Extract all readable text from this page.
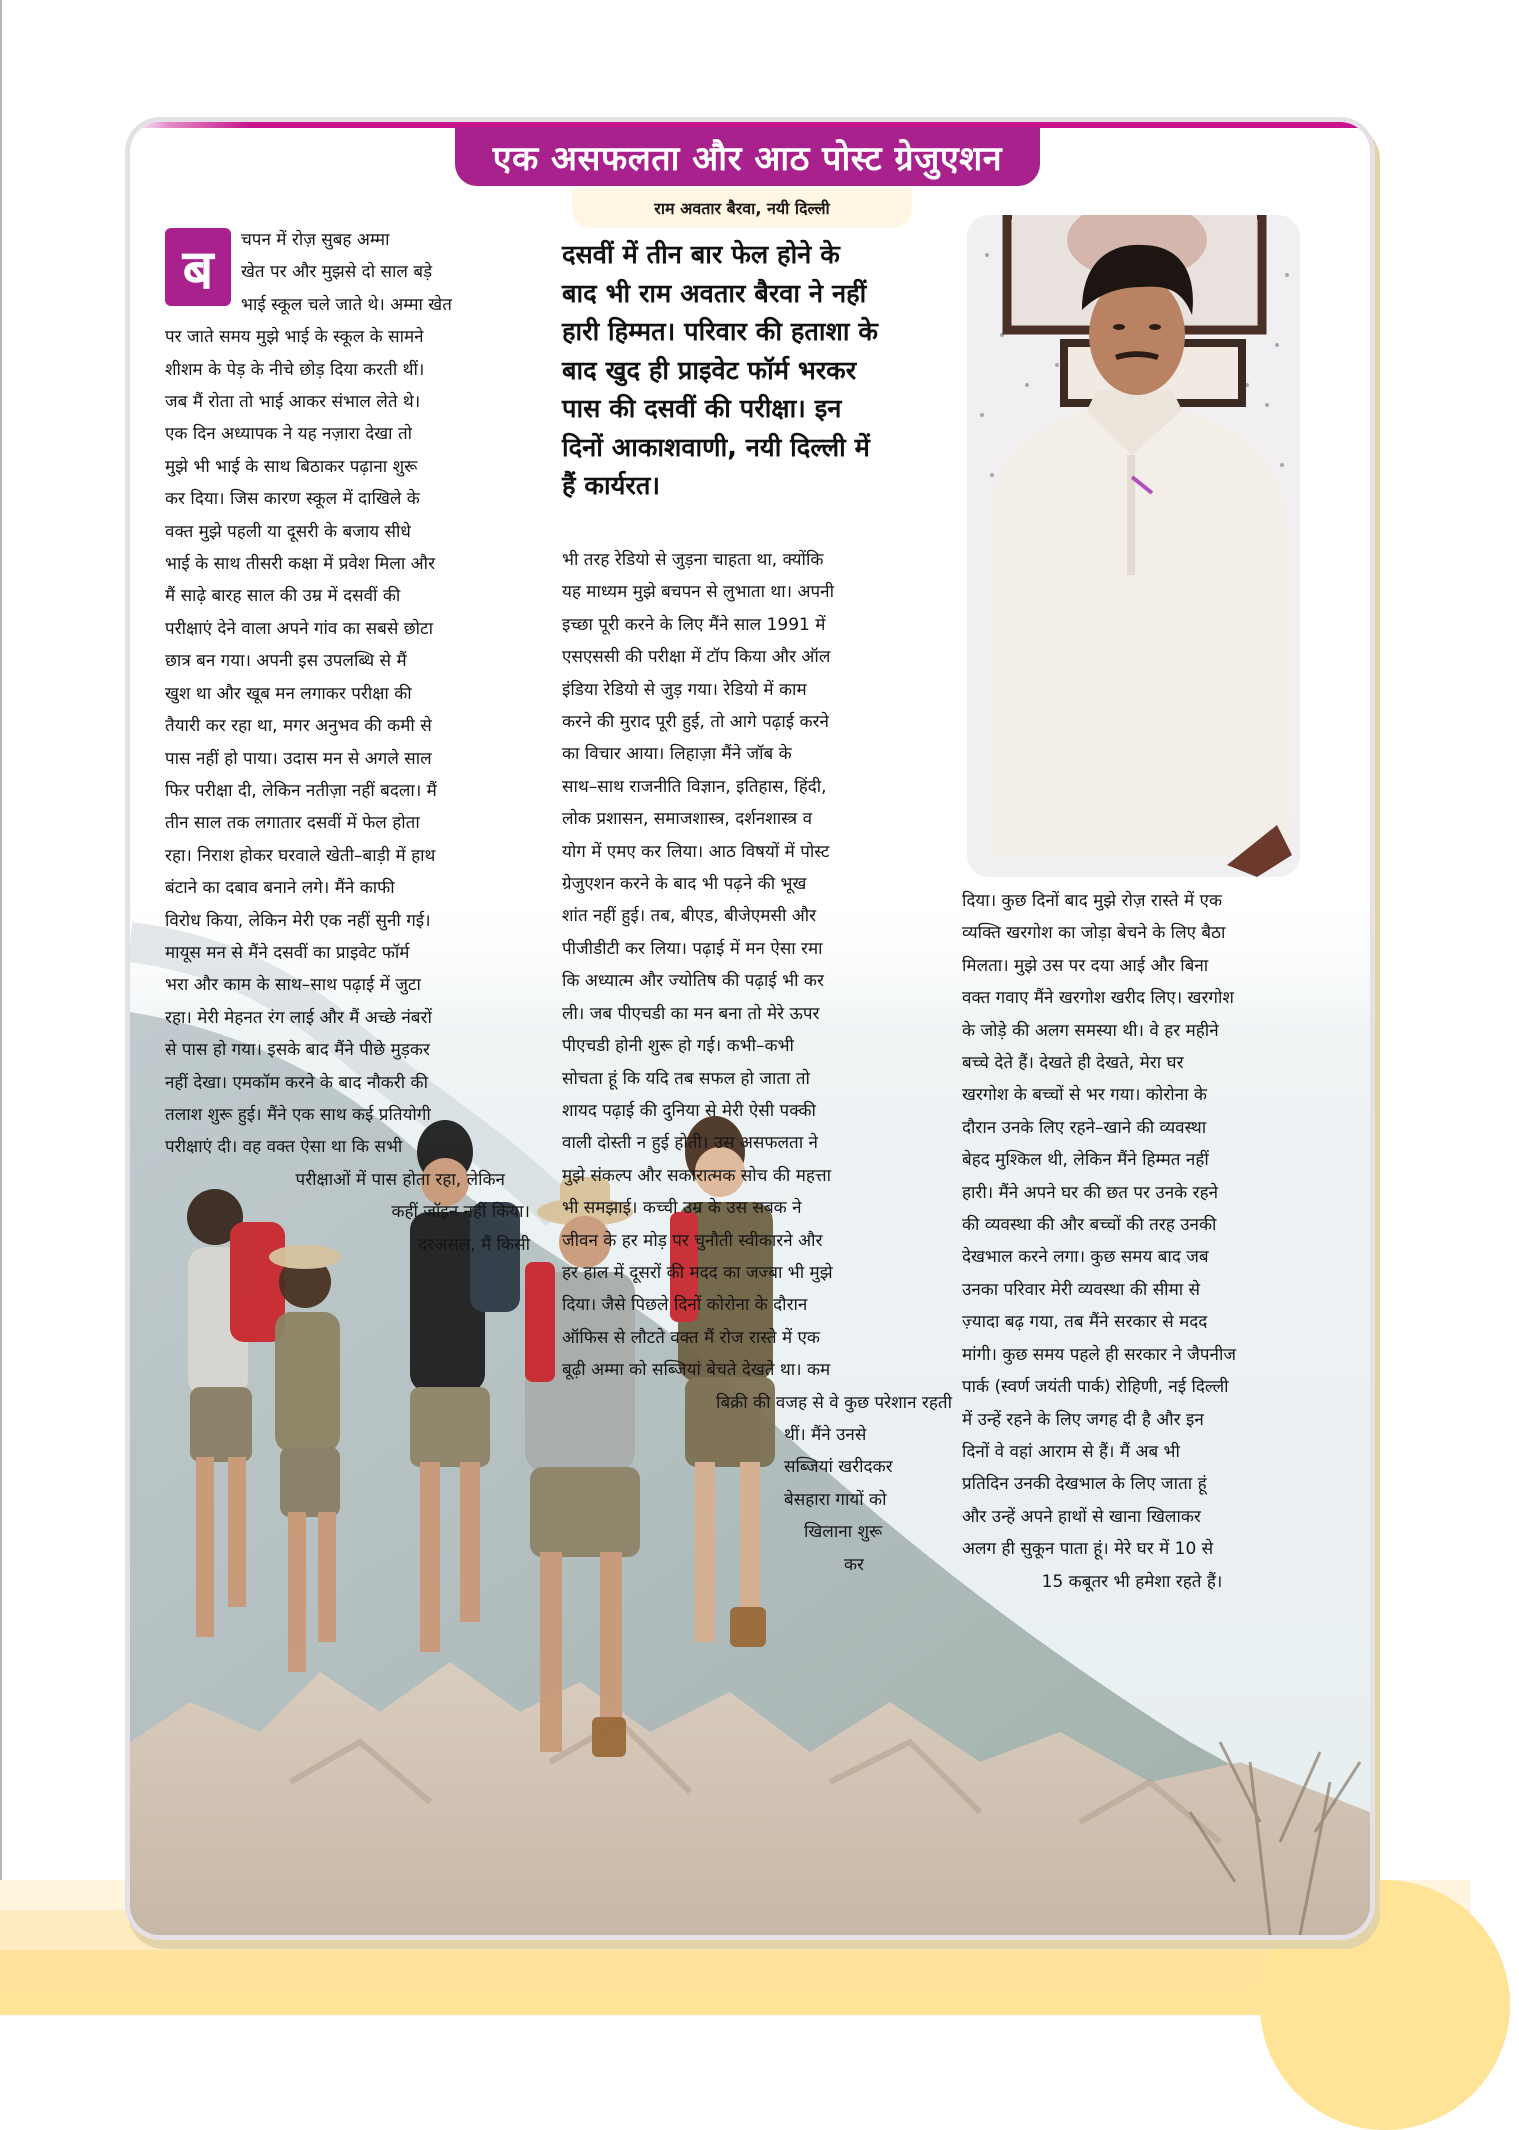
एक असफलता और आठ पोस्ट ग्रेजुएशन
राम अवतार बैरवा, नयी दिल्ली
ब	चपन में रोज़ सुबह अम्मा

खेत पर और मुझसे दो साल बड़े

भाई स्कूल चले जाते थे। अम्मा खेत

पर जाते समय मुझे भाई के स्कूल के सामने

शीशम के पेड़ के नीचे छोड़ दिया करती थीं।

जब मैं रोता तो भाई आकर संभाल लेते थे।

एक दिन अध्यापक ने यह नज़ारा देखा तो

मुझे भी भाई के साथ बिठाकर पढ़ाना शुरू

कर दिया। जिस कारण स्कूल में दाखिले के

वक्त मुझे पहली या दूसरी के बजाय सीधे

भाई के साथ तीसरी कक्षा में प्रवेश मिला और

मैं साढ़े बारह साल की उम्र में दसवीं की

परीक्षाएं देने वाला अपने गांव का सबसे छोटा

छात्र बन गया। अपनी इस उपलब्धि से मैं

खुश था और खूब मन लगाकर परीक्षा की

तैयारी कर रहा था, मगर अनुभव की कमी से

पास नहीं हो पाया। उदास मन से अगले साल

फिर परीक्षा दी, लेकिन नतीज़ा नहीं बदला। मैं

तीन साल तक लगातार दसवीं में फेल होता

रहा। निराश होकर घरवाले खेती–बाड़ी में हाथ

बंटाने का दबाव बनाने लगे। मैंने काफी

विरोध किया, लेकिन मेरी एक नहीं सुनी गई।

मायूस मन से मैंने दसवीं का प्राइवेट फॉर्म

भरा और काम के साथ–साथ पढ़ाई में जुटा

रहा। मेरी मेहनत रंग लाई और मैं अच्छे नंबरों

से पास हो गया। इसके बाद मैंने पीछे मुड़कर

नहीं देखा। एमकॉम करने के बाद नौकरी की

तलाश शुरू हुई। मैंने एक साथ कई प्रतियोगी

परीक्षाएं दी। वह वक्त ऐसा था कि सभी

परीक्षाओं में पास होता रहा, लेकिन

कहीं जॉइन नहीं किया।

दरअसल, मैं किसी

दसवीं में तीन बार फेल होने के

बाद भी राम अवतार बैरवा ने नहीं

हारी हिम्मत। परिवार की हताशा के

बाद खुद ही प्राइवेट फॉर्म भरकर

पास की दसवीं की परीक्षा। इन

दिनों आकाशवाणी, नयी दिल्ली में

हैं कार्यरत।

भी तरह रेडियो से जुड़ना चाहता था, क्योंकि

यह माध्यम मुझे बचपन से लुभाता था। अपनी

इच्छा पूरी करने के लिए मैंने साल 1991 में

एसएससी की परीक्षा में टॉप किया और ऑल

इंडिया रेडियो से जुड़ गया। रेडियो में काम

करने की मुराद पूरी हुई, तो आगे पढ़ाई करने

का विचार आया। लिहाज़ा मैंने जॉब के

साथ–साथ राजनीति विज्ञान, इतिहास, हिंदी,

लोक प्रशासन, समाजशास्त्र, दर्शनशास्त्र व

योग में एमए कर लिया। आठ विषयों में पोस्ट

ग्रेजुएशन करने के बाद भी पढ़ने की भूख

शांत नहीं हुई। तब, बीएड, बीजेएमसी और

पीजीडीटी कर लिया। पढ़ाई में मन ऐसा रमा

कि अध्यात्म और ज्योतिष की पढ़ाई भी कर

ली। जब पीएचडी का मन बना तो मेरे ऊपर

पीएचडी होनी शुरू हो गई। कभी–कभी

सोचता हूं कि यदि तब सफल हो जाता तो

शायद पढ़ाई की दुनिया से मेरी ऐसी पक्की

वाली दोस्ती न हुई होती। उस असफलता ने

मुझे संकल्प और सकारात्मक सोच की महत्ता

भी समझाई। कच्ची उम्र के उस सबक ने

जीवन के हर मोड़ पर चुनौती स्वीकारने और

हर हाल में दूसरों की मदद का जज्बा भी मुझे

दिया। जैसे पिछले दिनों कोरोना के दौरान

ऑफिस से लौटते वक्त मैं रोज रास्ते में एक

बूढ़ी अम्मा को सब्जियां बेचते देखते था। कम

बिक्री की वजह से वे कुछ परेशान रहती

थीं। मैंने उनसे

सब्जियां खरीदकर

बेसहारा गायों को

खिलाना शुरू

कर

दिया। कुछ दिनों बाद मुझे रोज़ रास्ते में एक

व्यक्ति खरगोश का जोड़ा बेचने के लिए बैठा

मिलता। मुझे उस पर दया आई और बिना

वक्त गवाए मैंने खरगोश खरीद लिए। खरगोश

के जोड़े की अलग समस्या थी। वे हर महीने

बच्चे देते हैं। देखते ही देखते, मेरा घर

खरगोश के बच्चों से भर गया। कोरोना के

दौरान उनके लिए रहने–खाने की व्यवस्था

बेहद मुश्किल थी, लेकिन मैंने हिम्मत नहीं

हारी। मैंने अपने घर की छत पर उनके रहने

की व्यवस्था की और बच्चों की तरह उनकी

देखभाल करने लगा। कुछ समय बाद जब

उनका परिवार मेरी व्यवस्था की सीमा से

ज़्यादा बढ़ गया, तब मैंने सरकार से मदद

मांगी। कुछ समय पहले ही सरकार ने जैपनीज

पार्क (स्वर्ण जयंती पार्क) रोहिणी, नई दिल्ली

में उन्हें रहने के लिए जगह दी है और इन

दिनों वे वहां आराम से हैं। मैं अब भी

प्रतिदिन उनकी देखभाल के लिए जाता हूं

और उन्हें अपने हाथों से खाना खिलाकर

अलग ही सुकून पाता हूं। मेरे घर में 10 से

15 कबूतर भी हमेशा रहते हैं।
